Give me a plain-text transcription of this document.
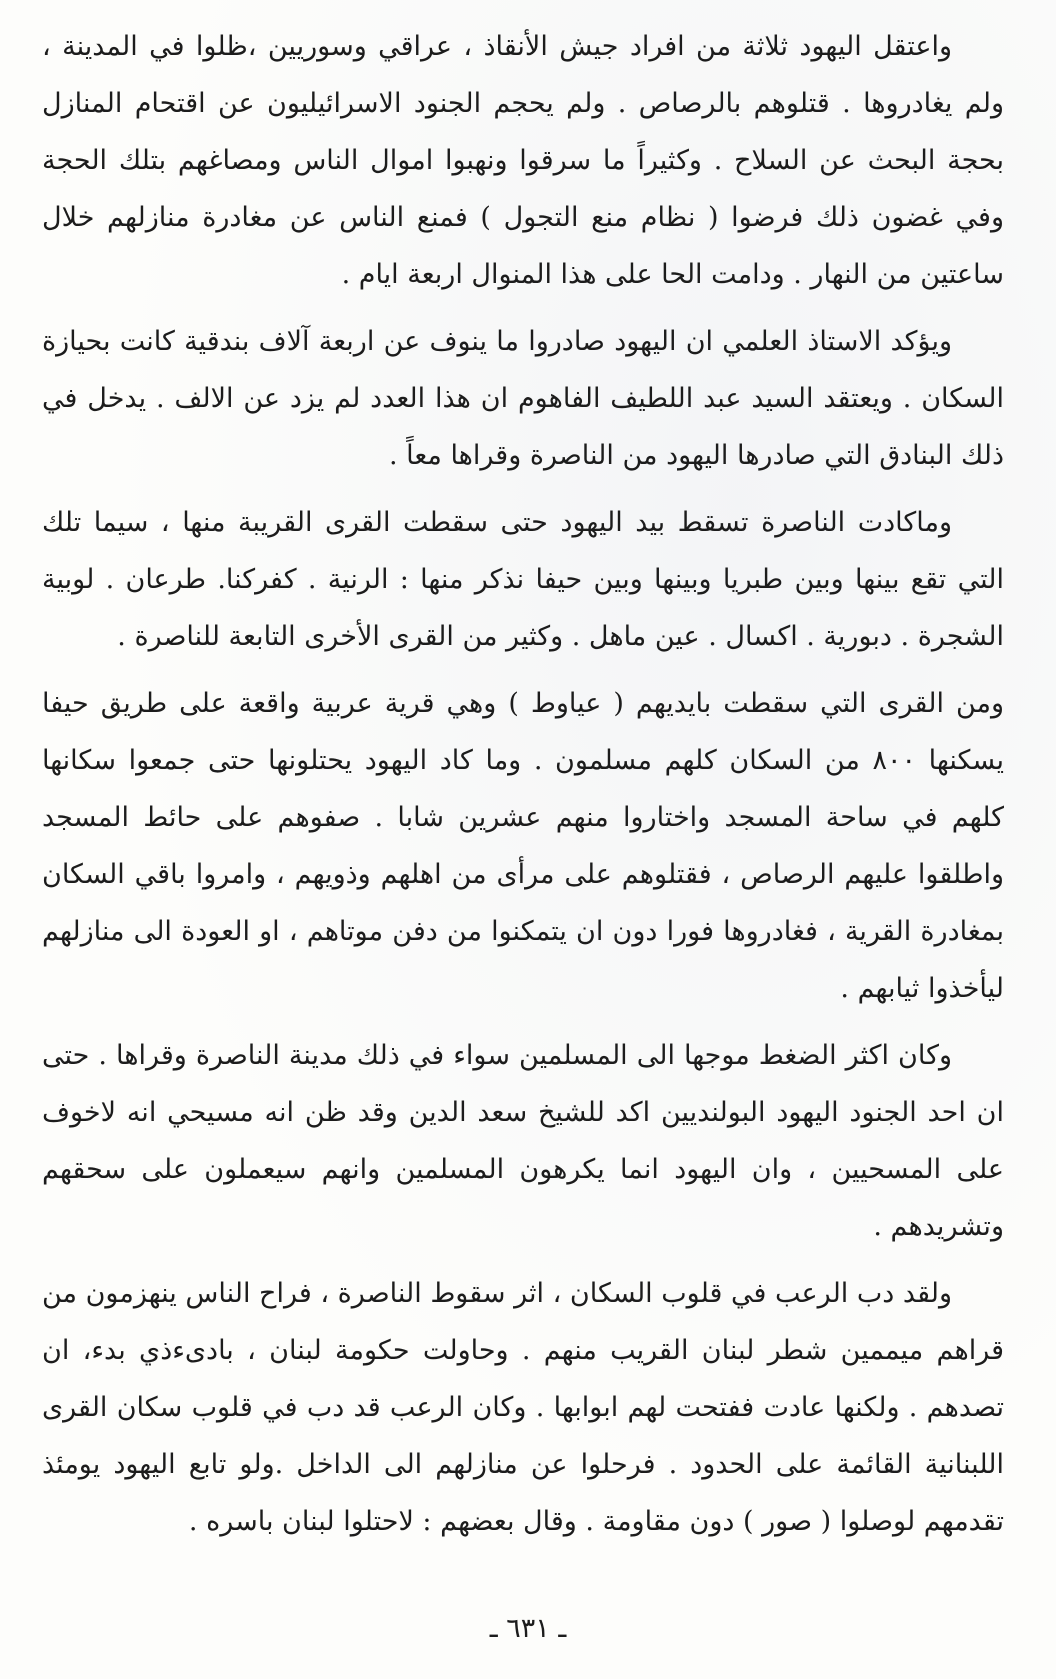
واعتقل اليهود ثلاثة من افراد جيش الأنقاذ ، عراقي وسوريين ،ظلوا في المدينة ، ولم يغادروها . قتلوهم بالرصاص . ولم يحجم الجنود الاسرائيليون عن اقتحام المنازل بحجة البحث عن السلاح . وكثيراً ما سرقوا ونهبوا اموال الناس ومصاغهم بتلك الحجة وفي غضون ذلك فرضوا ( نظام منع التجول ) فمنع الناس عن مغادرة منازلهم خلال ساعتين من النهار . ودامت الحا على هذا المنوال اربعة ايام .

ويؤكد الاستاذ العلمي ان اليهود صادروا ما ينوف عن اربعة آلاف بندقية كانت بحيازة السكان . ويعتقد السيد عبد اللطيف الفاهوم ان هذا العدد لم يزد عن الالف . يدخل في ذلك البنادق التي صادرها اليهود من الناصرة وقراها معاً .

وماكادت الناصرة تسقط بيد اليهود حتى سقطت القرى القريبة منها ، سيما تلك التي تقع بينها وبين طبريا وبينها وبين حيفا نذكر منها : الرنية . كفركنا. طرعان . لوبية الشجرة . دبورية . اكسال . عين ماهل . وكثير من القرى الأخرى التابعة للناصرة .

ومن القرى التي سقطت بايديهم ( عياوط ) وهي قرية عربية واقعة على طريق حيفا يسكنها ٨٠٠ من السكان كلهم مسلمون . وما كاد اليهود يحتلونها حتى جمعوا سكانها كلهم في ساحة المسجد واختاروا منهم عشرين شابا . صفوهم على حائط المسجد واطلقوا عليهم الرصاص ، فقتلوهم على مرأى من اهلهم وذويهم ، وامروا باقي السكان بمغادرة القرية ، فغادروها فورا دون ان يتمكنوا من دفن موتاهم ، او العودة الى منازلهم ليأخذوا ثيابهم .

وكان اكثر الضغط موجها الى المسلمين سواء في ذلك مدينة الناصرة وقراها . حتى ان احد الجنود اليهود البولنديين اكد للشيخ سعد الدين وقد ظن انه مسيحي انه لاخوف على المسحيين ، وان اليهود انما يكرهون المسلمين وانهم سيعملون على سحقهم وتشريدهم .

ولقد دب الرعب في قلوب السكان ، اثر سقوط الناصرة ، فراح الناس ينهزمون من قراهم ميممين شطر لبنان القريب منهم . وحاولت حكومة لبنان ، بادىءذي بدء، ان تصدهم . ولكنها عادت ففتحت لهم ابوابها . وكان الرعب قد دب في قلوب سكان القرى اللبنانية القائمة على الحدود . فرحلوا عن منازلهم الى الداخل .ولو تابع اليهود يومئذ تقدمهم لوصلوا ( صور ) دون مقاومة . وقال بعضهم : لاحتلوا لبنان باسره .

ـ ٦٣١ ـ
